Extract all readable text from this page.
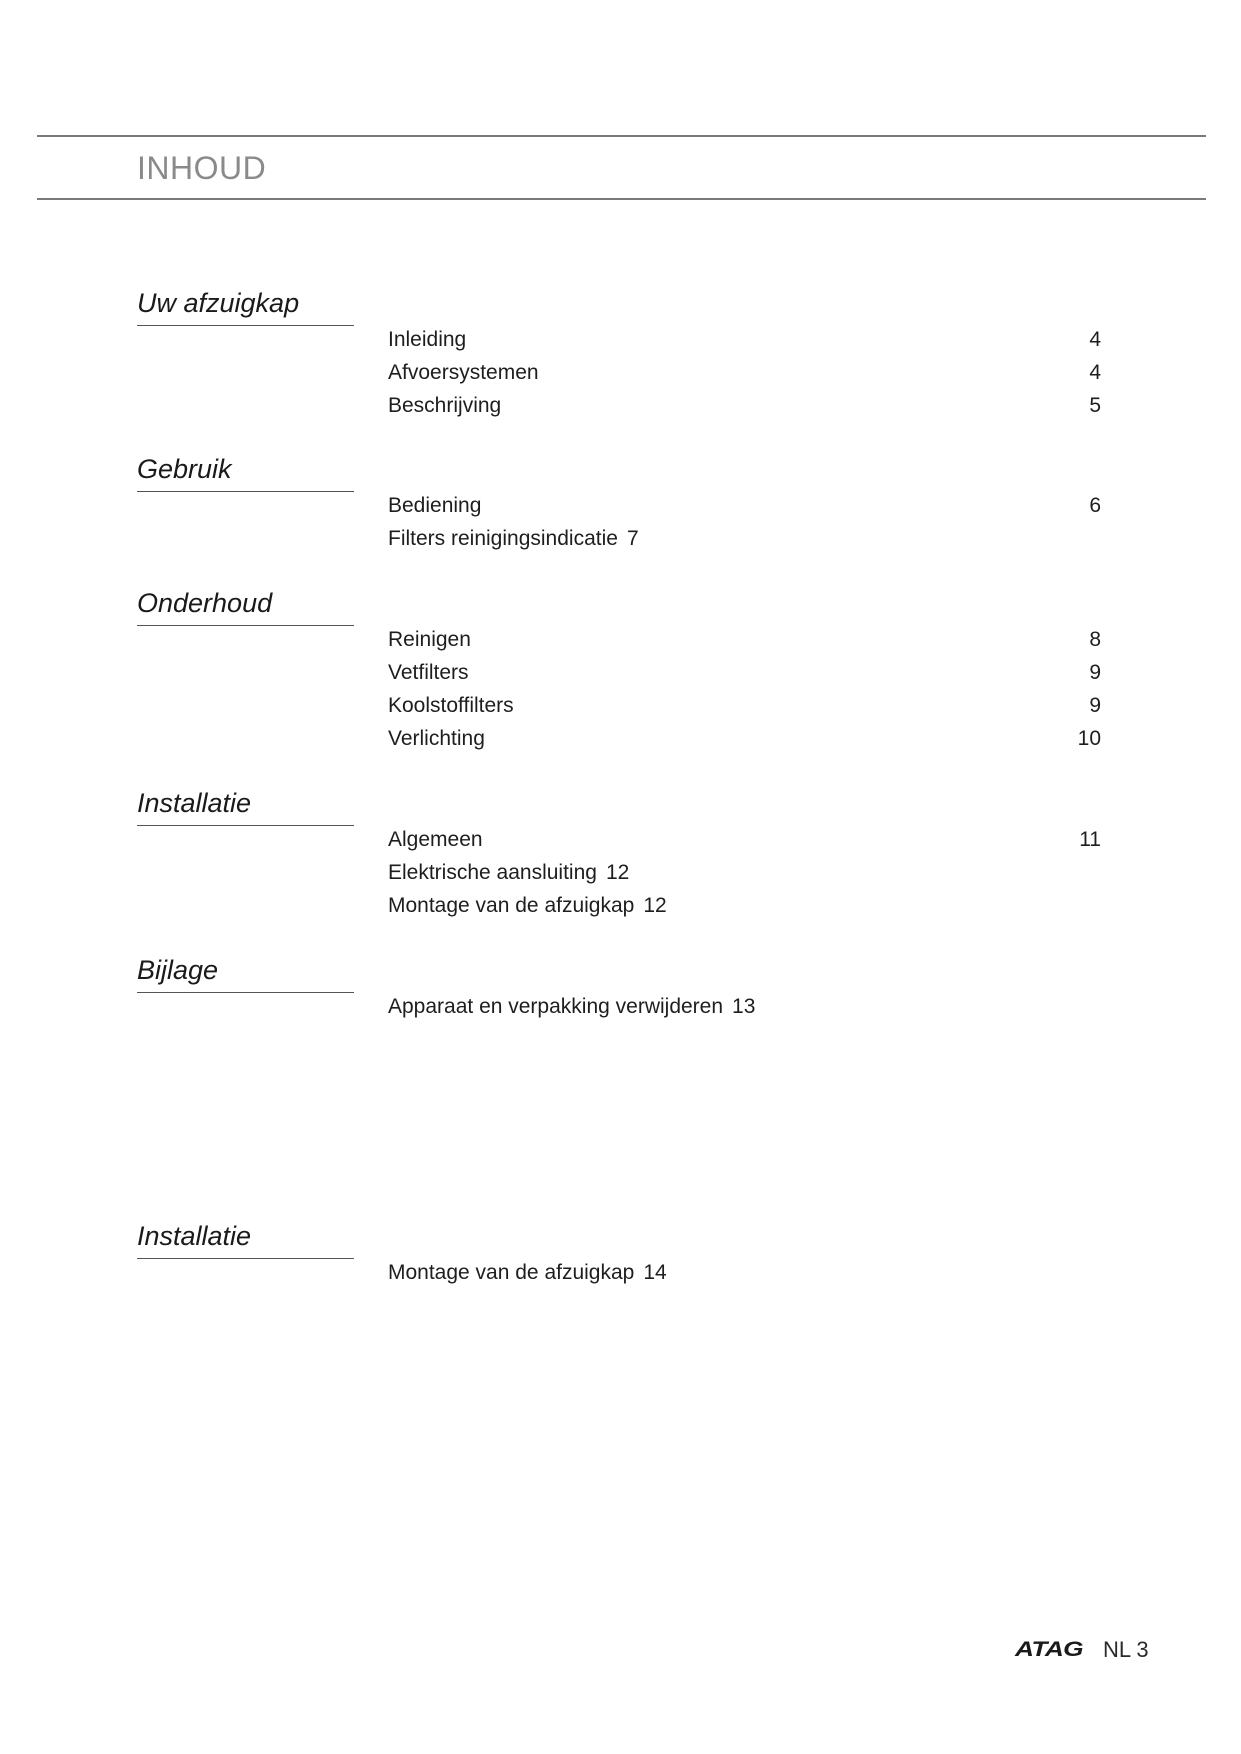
INHOUD
Uw afzuigkap
Inleiding	4
Afvoersystemen	4
Beschrijving	5
Gebruik
Bediening	6
Filters reinigingsindicatie 7
Onderhoud
Reinigen	8
Vetfilters	9
Koolstoffilters	9
Verlichting	10
Installatie
Algemeen	11
Elektrische aansluiting 12
Montage van de afzuigkap 12
Bijlage
Apparaat en verpakking verwijderen 13
Installatie
Montage van de afzuigkap 14
ATAG NL 3
